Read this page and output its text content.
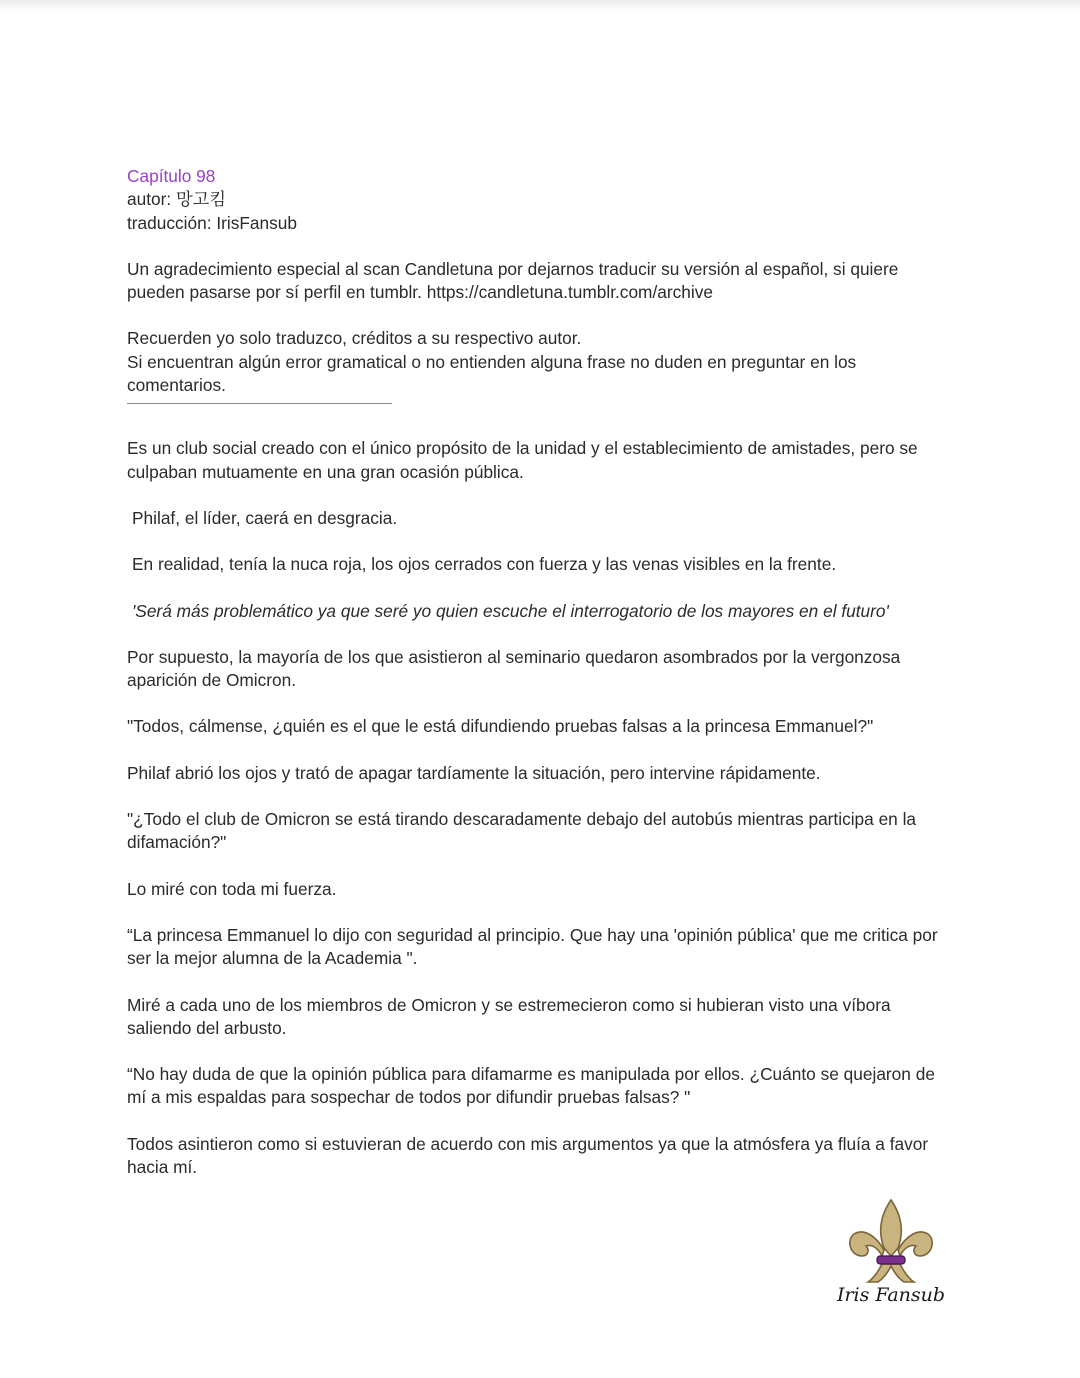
Capítulo 98

autor: 망고킴

traducción: IrisFansub

Un agradecimiento especial al scan Candletuna por dejarnos traducir su versión al español, si quiere pueden pasarse por sí perfil en tumblr. https://candletuna.tumblr.com/archive

Recuerden yo solo traduzco, créditos a su respectivo autor.

Si encuentran algún error gramatical o no entienden alguna frase no duden en preguntar en los comentarios.

Es un club social creado con el único propósito de la unidad y el establecimiento de amistades, pero se culpaban mutuamente en una gran ocasión pública.

Philaf, el líder, caerá en desgracia.

En realidad, tenía la nuca roja, los ojos cerrados con fuerza y las venas visibles en la frente.

'Será más problemático ya que seré yo quien escuche el interrogatorio de los mayores en el futuro'

Por supuesto, la mayoría de los que asistieron al seminario quedaron asombrados por la vergonzosa aparición de Omicron.

"Todos, cálmense, ¿quién es el que le está difundiendo pruebas falsas a la princesa Emmanuel?"

Philaf abrió los ojos y trató de apagar tardíamente la situación, pero intervine rápidamente.

"¿Todo el club de Omicron se está tirando descaradamente debajo del autobús mientras participa en la difamación?"

Lo miré con toda mi fuerza.

“La princesa Emmanuel lo dijo con seguridad al principio. Que hay una 'opinión pública' que me critica por ser la mejor alumna de la Academia ".

Miré a cada uno de los miembros de Omicron y se estremecieron como si hubieran visto una víbora saliendo del arbusto.

“No hay duda de que la opinión pública para difamarme es manipulada por ellos. ¿Cuánto se quejaron de mí a mis espaldas para sospechar de todos por difundir pruebas falsas? "

Todos asintieron como si estuvieran de acuerdo con mis argumentos ya que la atmósfera ya fluía a favor hacia mí.

Iris Fansub
